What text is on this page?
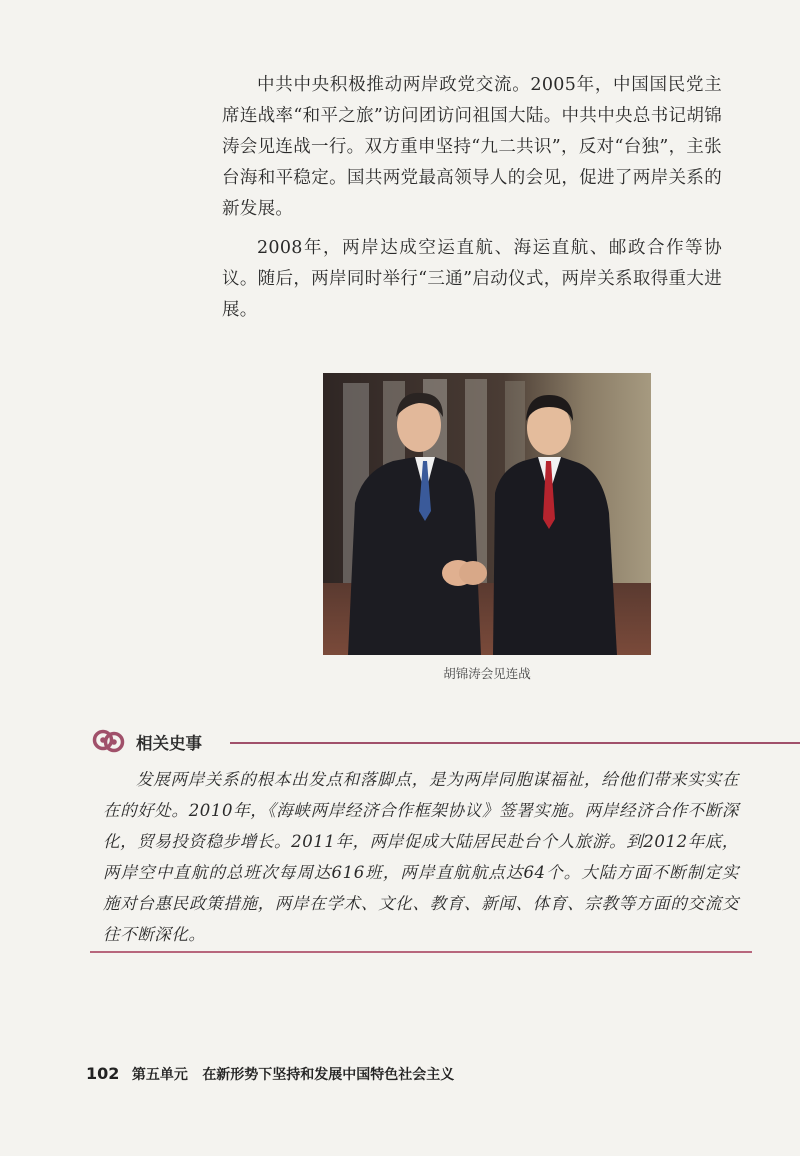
中共中央积极推动两岸政党交流。2005年，中国国民党主席连战率“和平之旅”访问团访问祖国大陆。中共中央总书记胡锦涛会见连战一行。双方重申坚持“九二共识”，反对“台独”，主张台海和平稳定。国共两党最高领导人的会见，促进了两岸关系的新发展。

2008年，两岸达成空运直航、海运直航、邮政合作等协议。随后，两岸同时举行“三通”启动仪式，两岸关系取得重大进展。

胡锦涛会见连战
相关史事

发展两岸关系的根本出发点和落脚点，是为两岸同胞谋福祉，给他们带来实实在在的好处。2010年，《海峡两岸经济合作框架协议》签署实施。两岸经济合作不断深化，贸易投资稳步增长。2011年，两岸促成大陆居民赴台个人旅游。到2012年底，两岸空中直航的总班次每周达616班，两岸直航航点达64个。大陆方面不断制定实施对台惠民政策措施，两岸在学术、文化、教育、新闻、体育、宗教等方面的交流交往不断深化。

102 第五单元 在新形势下坚持和发展中国特色社会主义
